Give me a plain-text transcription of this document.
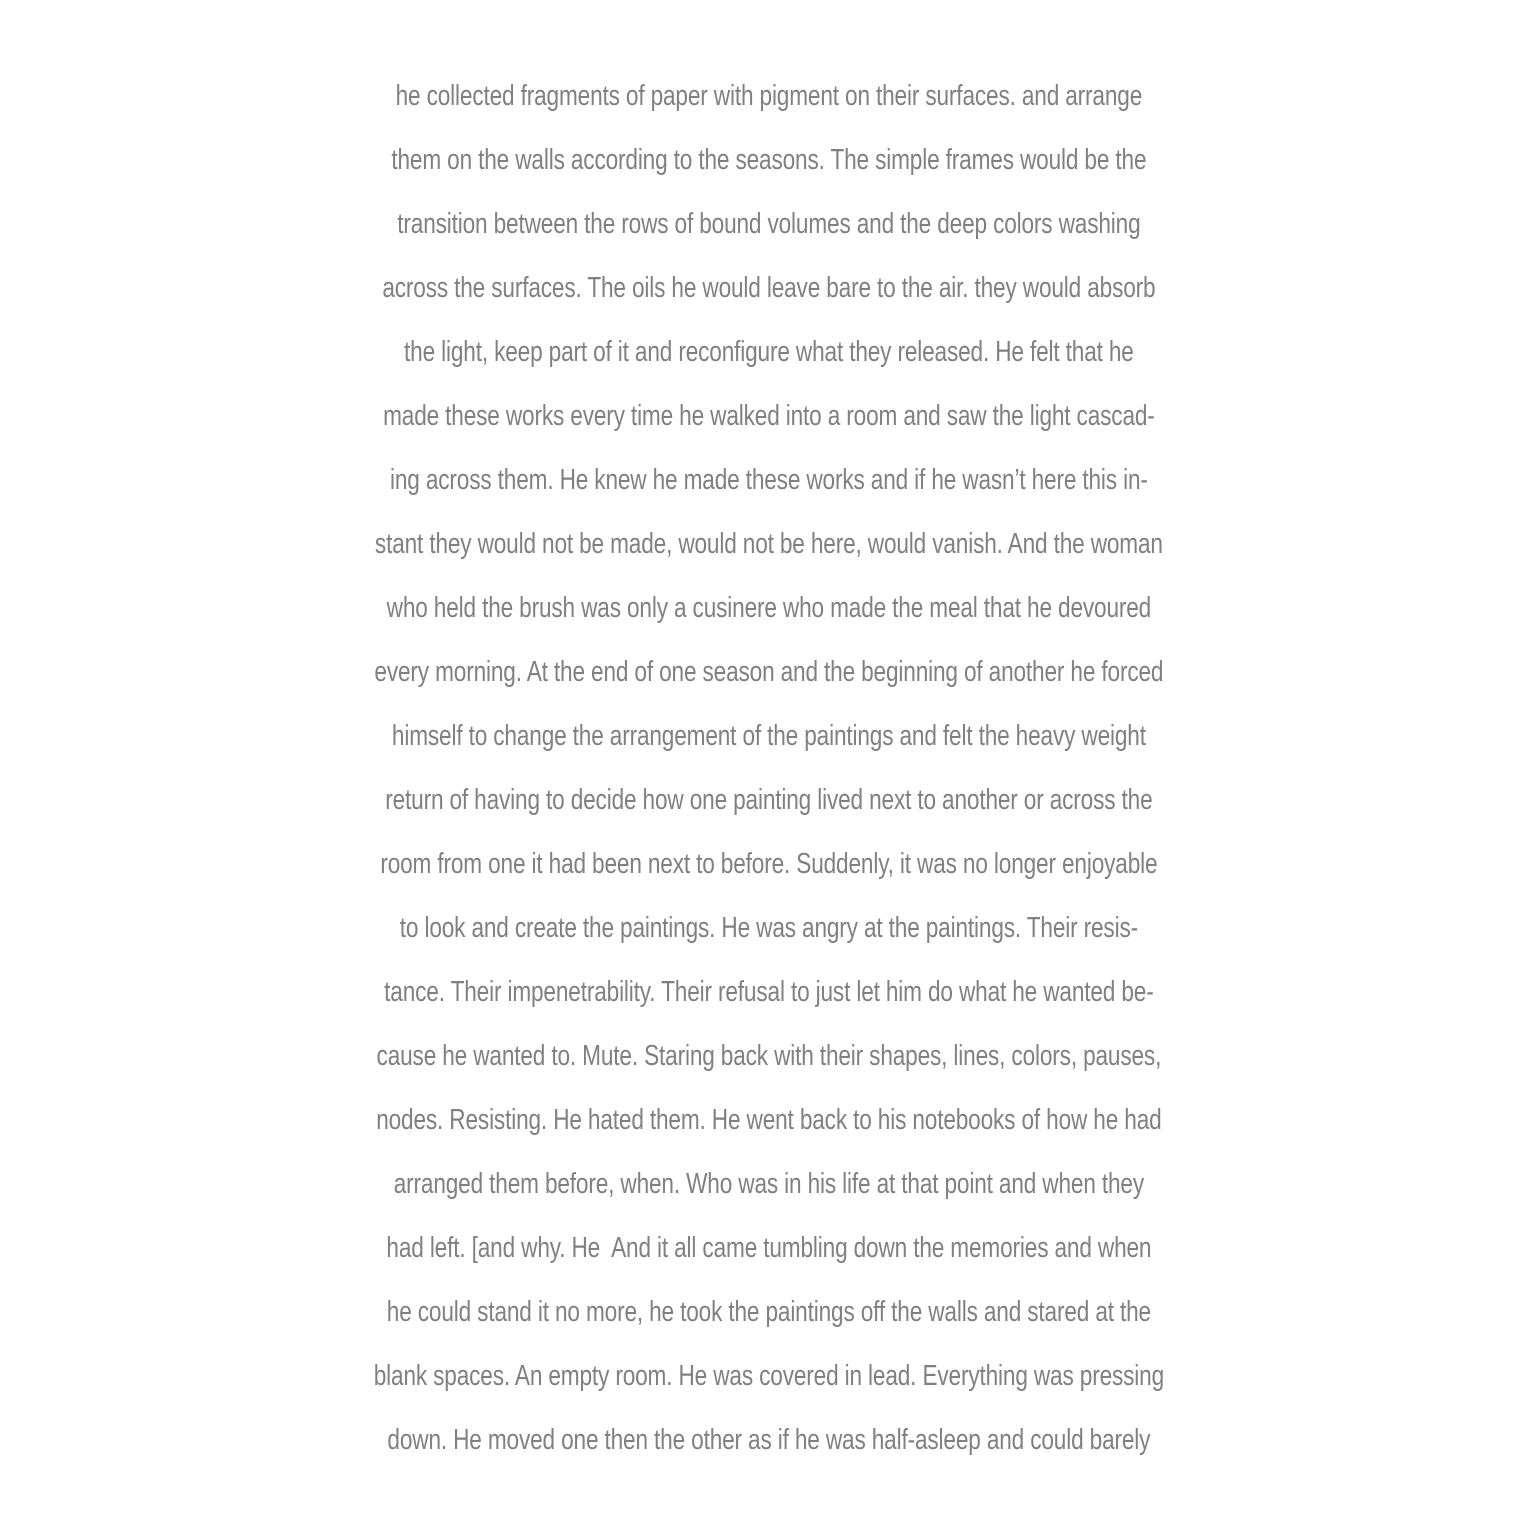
he collected fragments of paper with pigment on their surfaces. and arrange
them on the walls according to the seasons. The simple frames would be the
transition between the rows of bound volumes and the deep colors washing
across the surfaces. The oils he would leave bare to the air. they would absorb
the light, keep part of it and reconfigure what they released. He felt that he
made these works every time he walked into a room and saw the light cascad-
ing across them. He knew he made these works and if he wasn’t here this in-
stant they would not be made, would not be here, would vanish. And the woman
who held the brush was only a cusinere who made the meal that he devoured
every morning. At the end of one season and the beginning of another he forced
himself to change the arrangement of the paintings and felt the heavy weight
return of having to decide how one painting lived next to another or across the
room from one it had been next to before. Suddenly, it was no longer enjoyable
to look and create the paintings. He was angry at the paintings. Their resis-
tance. Their impenetrability. Their refusal to just let him do what he wanted be-
cause he wanted to. Mute. Staring back with their shapes, lines, colors, pauses,
nodes. Resisting. He hated them. He went back to his notebooks of how he had
arranged them before, when. Who was in his life at that point and when they
had left. [and why. He  And it all came tumbling down the memories and when
he could stand it no more, he took the paintings off the walls and stared at the
blank spaces. An empty room. He was covered in lead. Everything was pressing
down. He moved one then the other as if he was half-asleep and could barely
